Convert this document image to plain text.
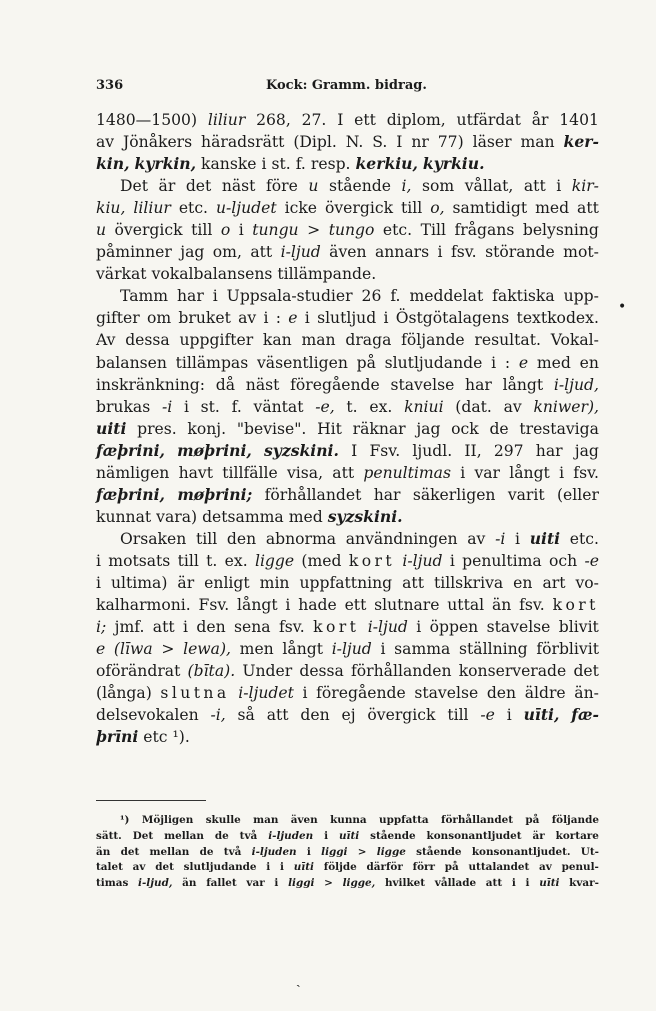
336	Kock: Gramm. bidrag.
1480—1500) liliur 268, 27. I ett diplom, utfärdat år 1401
av Jönåkers häradsrätt (Dipl. N. S. I nr 77) läser man ker-
kin, kyrkin, kanske i st. f. resp. kerkiu, kyrkiu.
Det är det näst före u stående i, som vållat, att i kir-
kiu, liliur etc. u-ljudet icke övergick till o, samtidigt med att
u övergick till o i tungu > tungo etc. Till frågans belysning
påminner jag om, att i-ljud även annars i fsv. störande mot-
värkat vokalbalansens tillämpande.
Tamm har i Uppsala-studier 26 f. meddelat faktiska upp-
gifter om bruket av i : e i slutljud i Östgötalagens textkodex.
Av dessa uppgifter kan man draga följande resultat. Vokal-
balansen tillämpas väsentligen på slutljudande i : e med en
inskränkning: då näst föregående stavelse har långt i-ljud,
brukas -i i st. f. väntat -e, t. ex. kniui (dat. av kniwer),
uiti pres. konj. "bevise". Hit räknar jag ock de trestaviga
fæþrini, møþrini, syzskini. I Fsv. ljudl. II, 297 har jag
nämligen havt tillfälle visa, att penultimas i var långt i fsv.
fæþrini, møþrini; förhållandet har säkerligen varit (eller
kunnat vara) detsamma med syzskini.
Orsaken till den abnorma användningen av -i i uiti etc.
i motsats till t. ex. ligge (med kort i-ljud i penultima och -e
i ultima) är enligt min uppfattning att tillskriva en art vo-
kalharmoni. Fsv. långt i hade ett slutnare uttal än fsv. kort
i; jmf. att i den sena fsv. kort i-ljud i öppen stavelse blivit
e (līwa > lewa), men långt i-ljud i samma ställning förblivit
oförändrat (bīta). Under dessa förhållanden konserverade det
(långa) slutna i-ljudet i föregående stavelse den äldre än-
delsevokalen -i, så att den ej övergick till -e i uīti, fæ-
þrīni etc ¹).
¹) Möjligen skulle man även kunna uppfatta förhållandet på följande
sätt. Det mellan de två i-ljuden i uīti stående konsonantljudet är kortare
än det mellan de två i-ljuden i liggi > ligge stående konsonantljudet. Ut-
talet av det slutljudande i i uīti följde därför förr på uttalandet av penul-
timas i-ljud, än fallet var i liggi > ligge, hvilket vållade att i i uīti kvar-
•
ˏ
